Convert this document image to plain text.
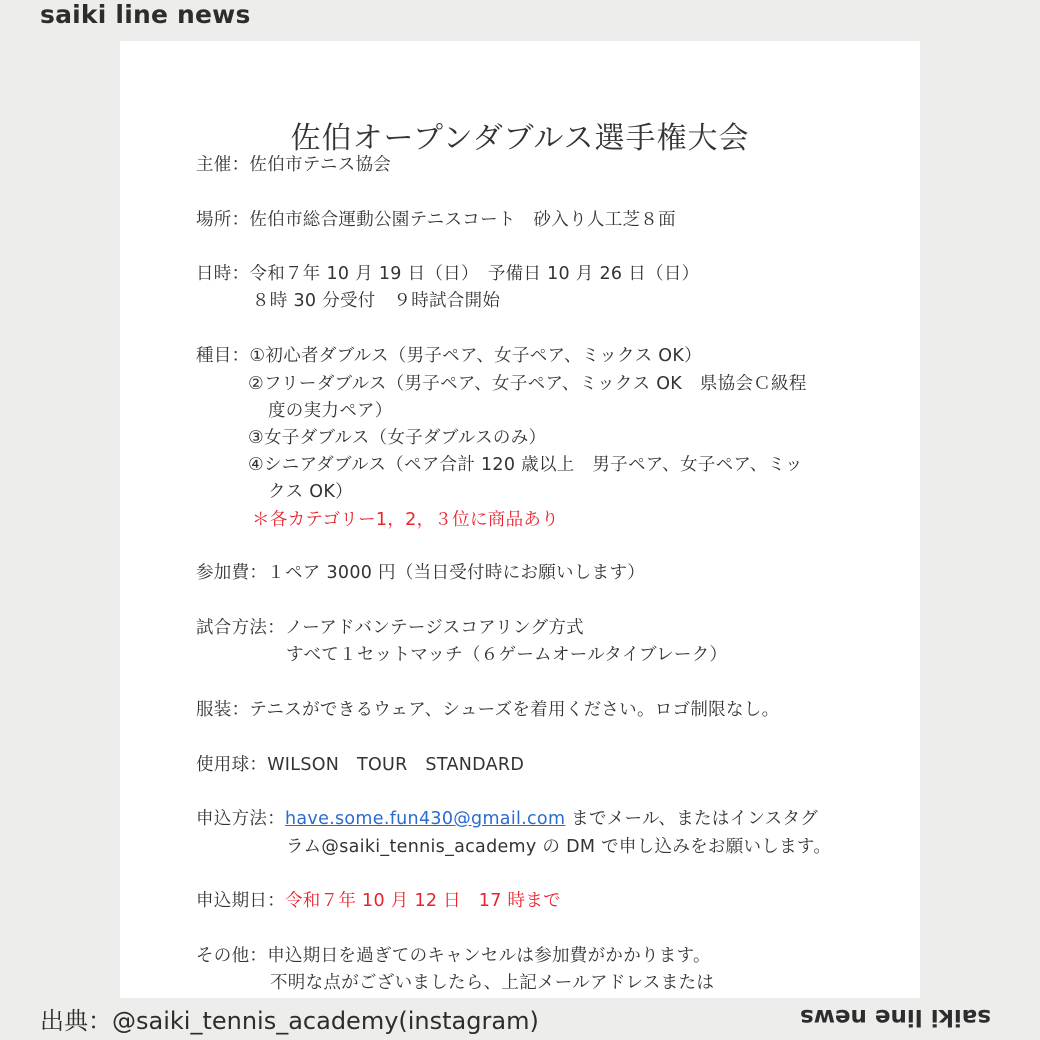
saiki line news
佐伯オープンダブルス選手権大会
主催：佐伯市テニス協会
場所：佐伯市総合運動公園テニスコート　砂入り人工芝８面
日時：令和７年 10 月 19 日（日）　予備日 10 月 26 日（日）
８時 30 分受付　９時試合開始
種目：①初心者ダブルス（男子ペア、女子ペア、ミックス OK）
②フリーダブルス（男子ペア、女子ペア、ミックス OK　県協会Ｃ級程
度の実力ペア）
③女子ダブルス（女子ダブルスのみ）
④シニアダブルス（ペア合計 120 歳以上　男子ペア、女子ペア、ミッ
クス OK）
＊各カテゴリー1，2，３位に商品あり
参加費：１ペア 3000 円（当日受付時にお願いします）
試合方法：ノーアドバンテージスコアリング方式
すべて１セットマッチ（６ゲームオールタイブレーク）
服装：テニスができるウェア、シューズを着用ください。ロゴ制限なし。
使用球：WILSON　TOUR　STANDARD
申込方法：have.some.fun430@gmail.com までメール、またはインスタグ
ラム@saiki_tennis_academy の DM で申し込みをお願いします。
申込期日：令和７年 10 月 12 日　17 時まで
その他：申込期日を過ぎてのキャンセルは参加費がかかります。
不明な点がございましたら、上記メールアドレスまたは
出典：@saiki_tennis_academy(instagram)	saiki line news
